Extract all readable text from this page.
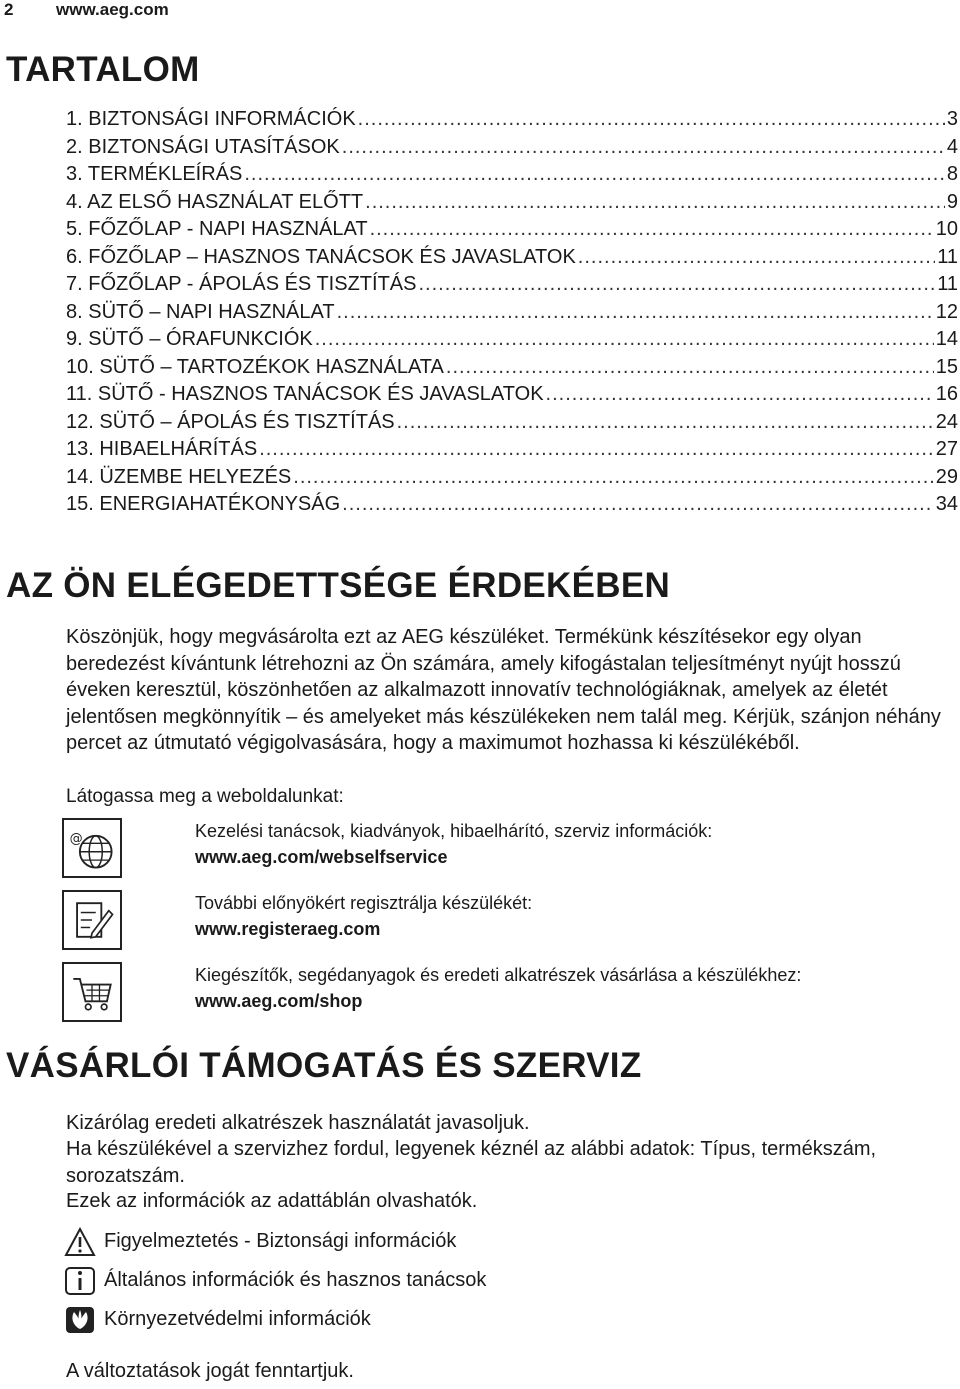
2	www.aeg.com
TARTALOM
1. BIZTONSÁGI INFORMÁCIÓK .....	3
2. BIZTONSÁGI UTASÍTÁSOK .....	4
3. TERMÉKLEÍRÁS .....	8
4. AZ ELSŐ HASZNÁLAT ELŐTT .....	9
5. FŐZŐLAP - NAPI HASZNÁLAT .....	10
6. FŐZŐLAP – HASZNOS TANÁCSOK ÉS JAVASLATOK .....	11
7. FŐZŐLAP - ÁPOLÁS ÉS TISZTÍTÁS .....	11
8. SÜTŐ – NAPI HASZNÁLAT .....	12
9. SÜTŐ – ÓRAFUNKCIÓK .....	14
10. SÜTŐ – TARTOZÉKOK HASZNÁLATA .....	15
11. SÜTŐ - HASZNOS TANÁCSOK ÉS JAVASLATOK .....	16
12. SÜTŐ – ÁPOLÁS ÉS TISZTÍTÁS .....	24
13. HIBAELHÁRÍTÁS .....	27
14. ÜZEMBE HELYEZÉS .....	29
15. ENERGIAHATÉKONYSÁG .....	34
AZ ÖN ELÉGEDETTSÉGE ÉRDEKÉBEN

Köszönjük, hogy megvásárolta ezt az AEG készüléket. Termékünk készítésekor egy olyan beredezést kívántunk létrehozni az Ön számára, amely kifogástalan teljesítményt nyújt hosszú éveken keresztül, köszönhetően az alkalmazott innovatív technológiáknak, amelyek az életét jelentősen megkönnyítik – és amelyeket más készülékeken nem talál meg. Kérjük, szánjon néhány percet az útmutató végigolvasására, hogy a maximumot hozhassa ki készülékéből.

Látogassa meg a weboldalunkat:

@	Kezelési tanácsok, kiadványok, hibaelhárító, szerviz információk:
www.aeg.com/webselfservice
További előnyökért regisztrálja készülékét:
www.registeraeg.com
Kiegészítők, segédanyagok és eredeti alkatrészek vásárlása a készülékhez:
www.aeg.com/shop
VÁSÁRLÓI TÁMOGATÁS ÉS SZERVIZ

Kizárólag eredeti alkatrészek használatát javasoljuk.

Ha készülékével a szervizhez fordul, legyenek kéznél az alábbi adatok: Típus, termékszám, sorozatszám.

Ezek az információk az adattáblán olvashatók.

Figyelmeztetés - Biztonsági információk
Általános információk és hasznos tanácsok
Környezetvédelmi információk
A változtatások jogát fenntartjuk.
